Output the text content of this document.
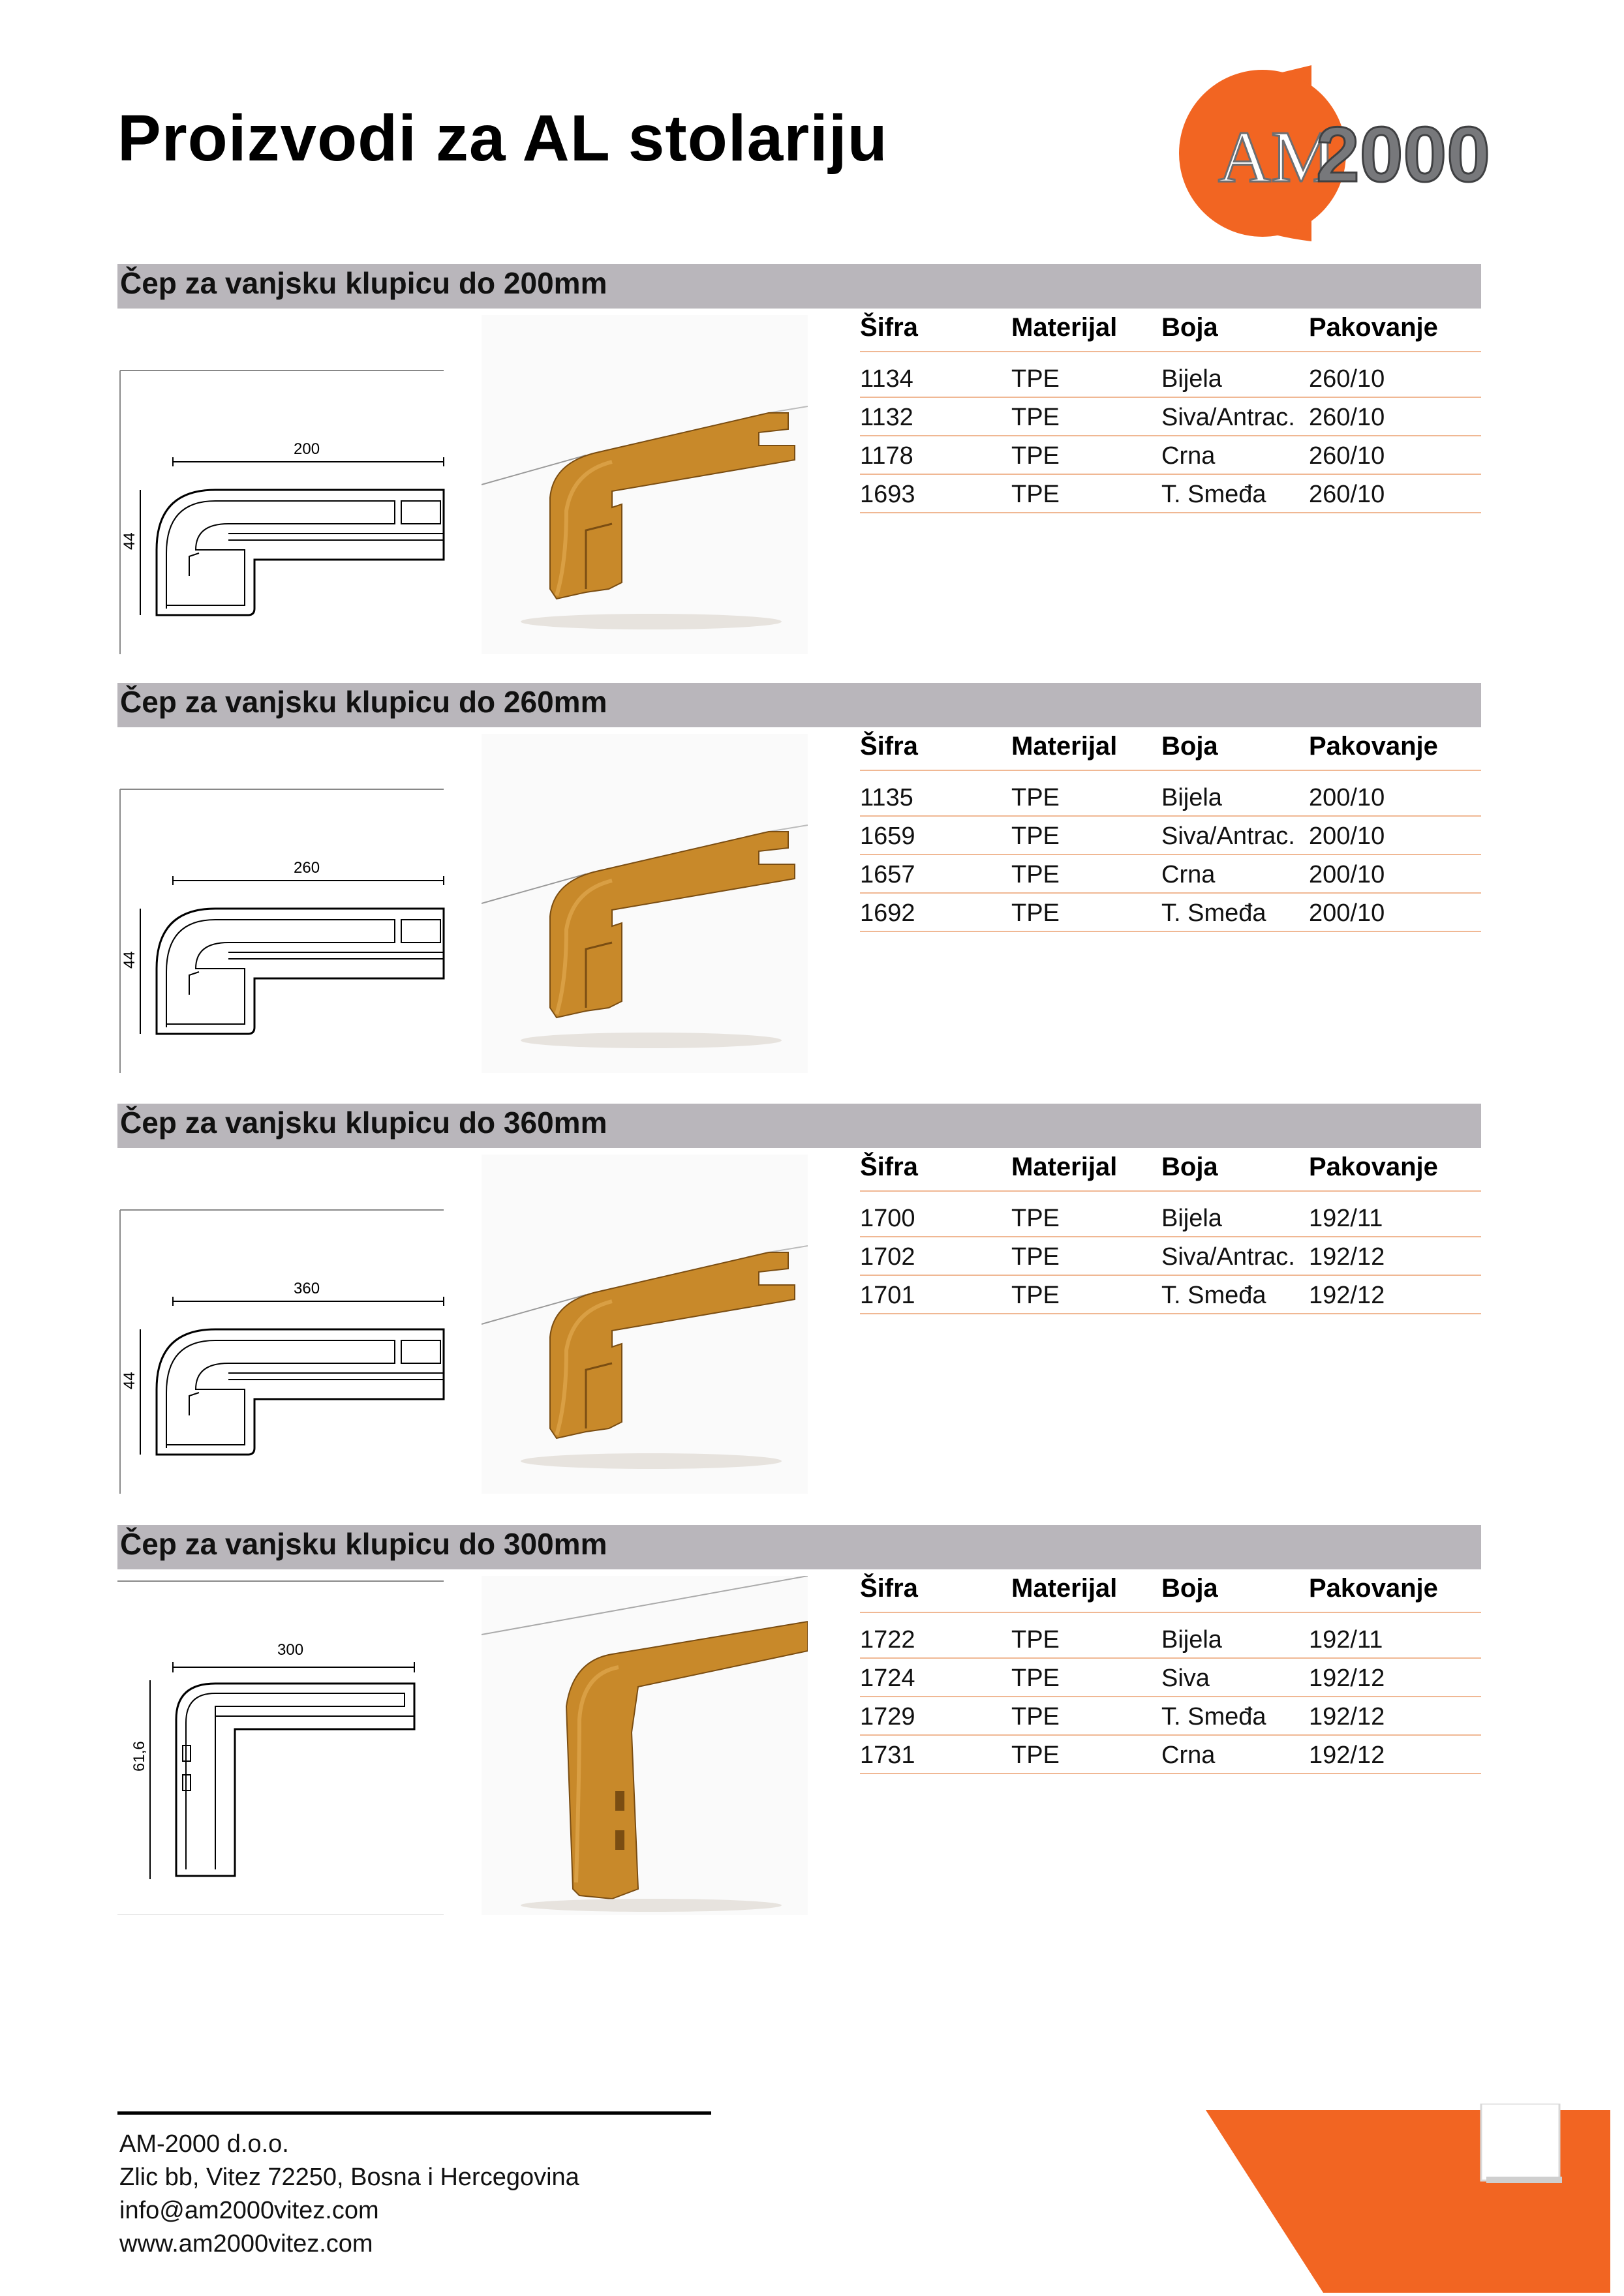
Proizvodi za AL stolariju	AM
2000
Čep za vanjsku klupicu do 200mm
200
44
Šifra	Materijal Boja	Pakovanje
1134	TPE	Bijela	260/10
1132	TPE	Siva/Antrac. 260/10
1178	TPE	Crna	260/10
1693	TPE	T. Smeđa 260/10
Čep za vanjsku klupicu do 260mm
260
44
Šifra	Materijal Boja	Pakovanje
1135	TPE	Bijela	200/10
1659	TPE	Siva/Antrac. 200/10
1657	TPE	Crna	200/10
1692	TPE	T. Smeđa 200/10
Čep za vanjsku klupicu do 360mm
360
44
Šifra	Materijal Boja	Pakovanje
1700	TPE	Bijela	192/11
1702	TPE	Siva/Antrac. 192/12
1701	TPE	T. Smeđa 192/12
Čep za vanjsku klupicu do 300mm
300
61,6
Šifra	Materijal Boja	Pakovanje
1722	TPE	Bijela	192/11
1724	TPE	Siva	192/12
1729	TPE	T. Smeđa 192/12
1731	TPE	Crna	192/12
AM-2000 d.o.o.
Zlic bb, Vitez 72250, Bosna i Hercegovina
info@am2000vitez.com
www.am2000vitez.com
